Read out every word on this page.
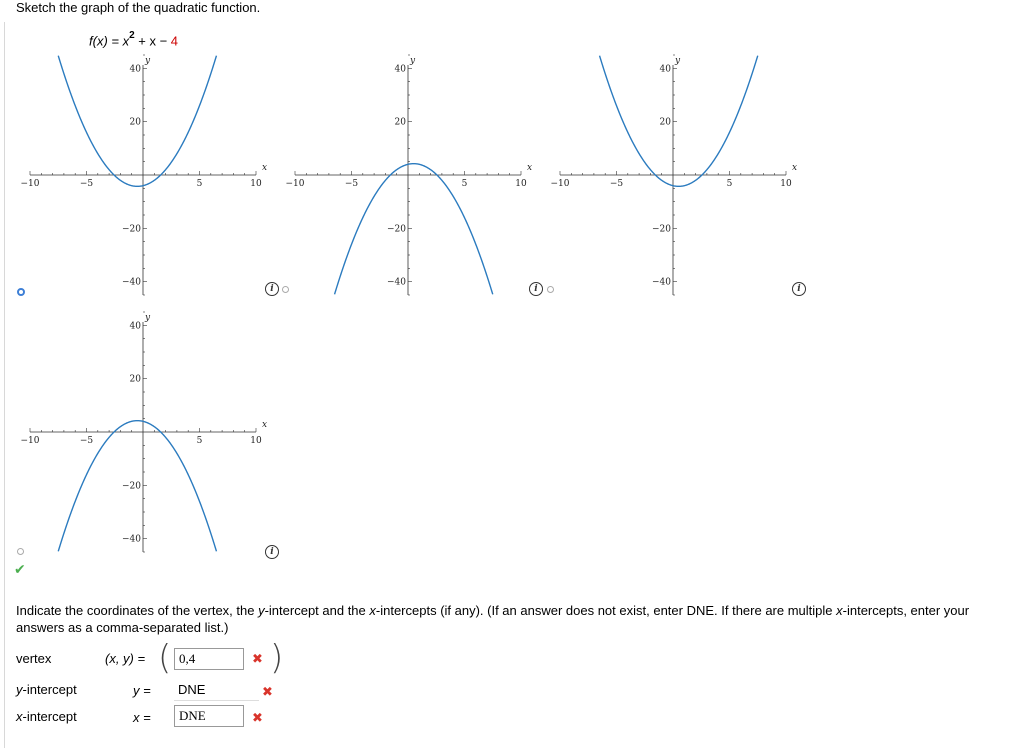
Sketch the graph of the quadratic function.
$f(x) = x^2 + x - 4$
−10	−5	5	10
40
20
−20
−40
x
y
i
−10	−5	5	10
40
20
−20
−40
x
y
i
−10	−5	5	10
40
20
−20
−40
x
y
i
−10	−5	5	10
40
20
−20
−40
x
y
i
✔
Indicate the coordinates of the vertex, the y-intercept and the x-intercepts (if any). (If an answer does not exist, enter DNE. If there are multiple x-intercepts, enter your answers as a comma-separated list.)
vertex	(x, y) = (
0,4	✖ )
y-intercept	y =
DNE	✖
x-intercept	x =
DNE	✖
